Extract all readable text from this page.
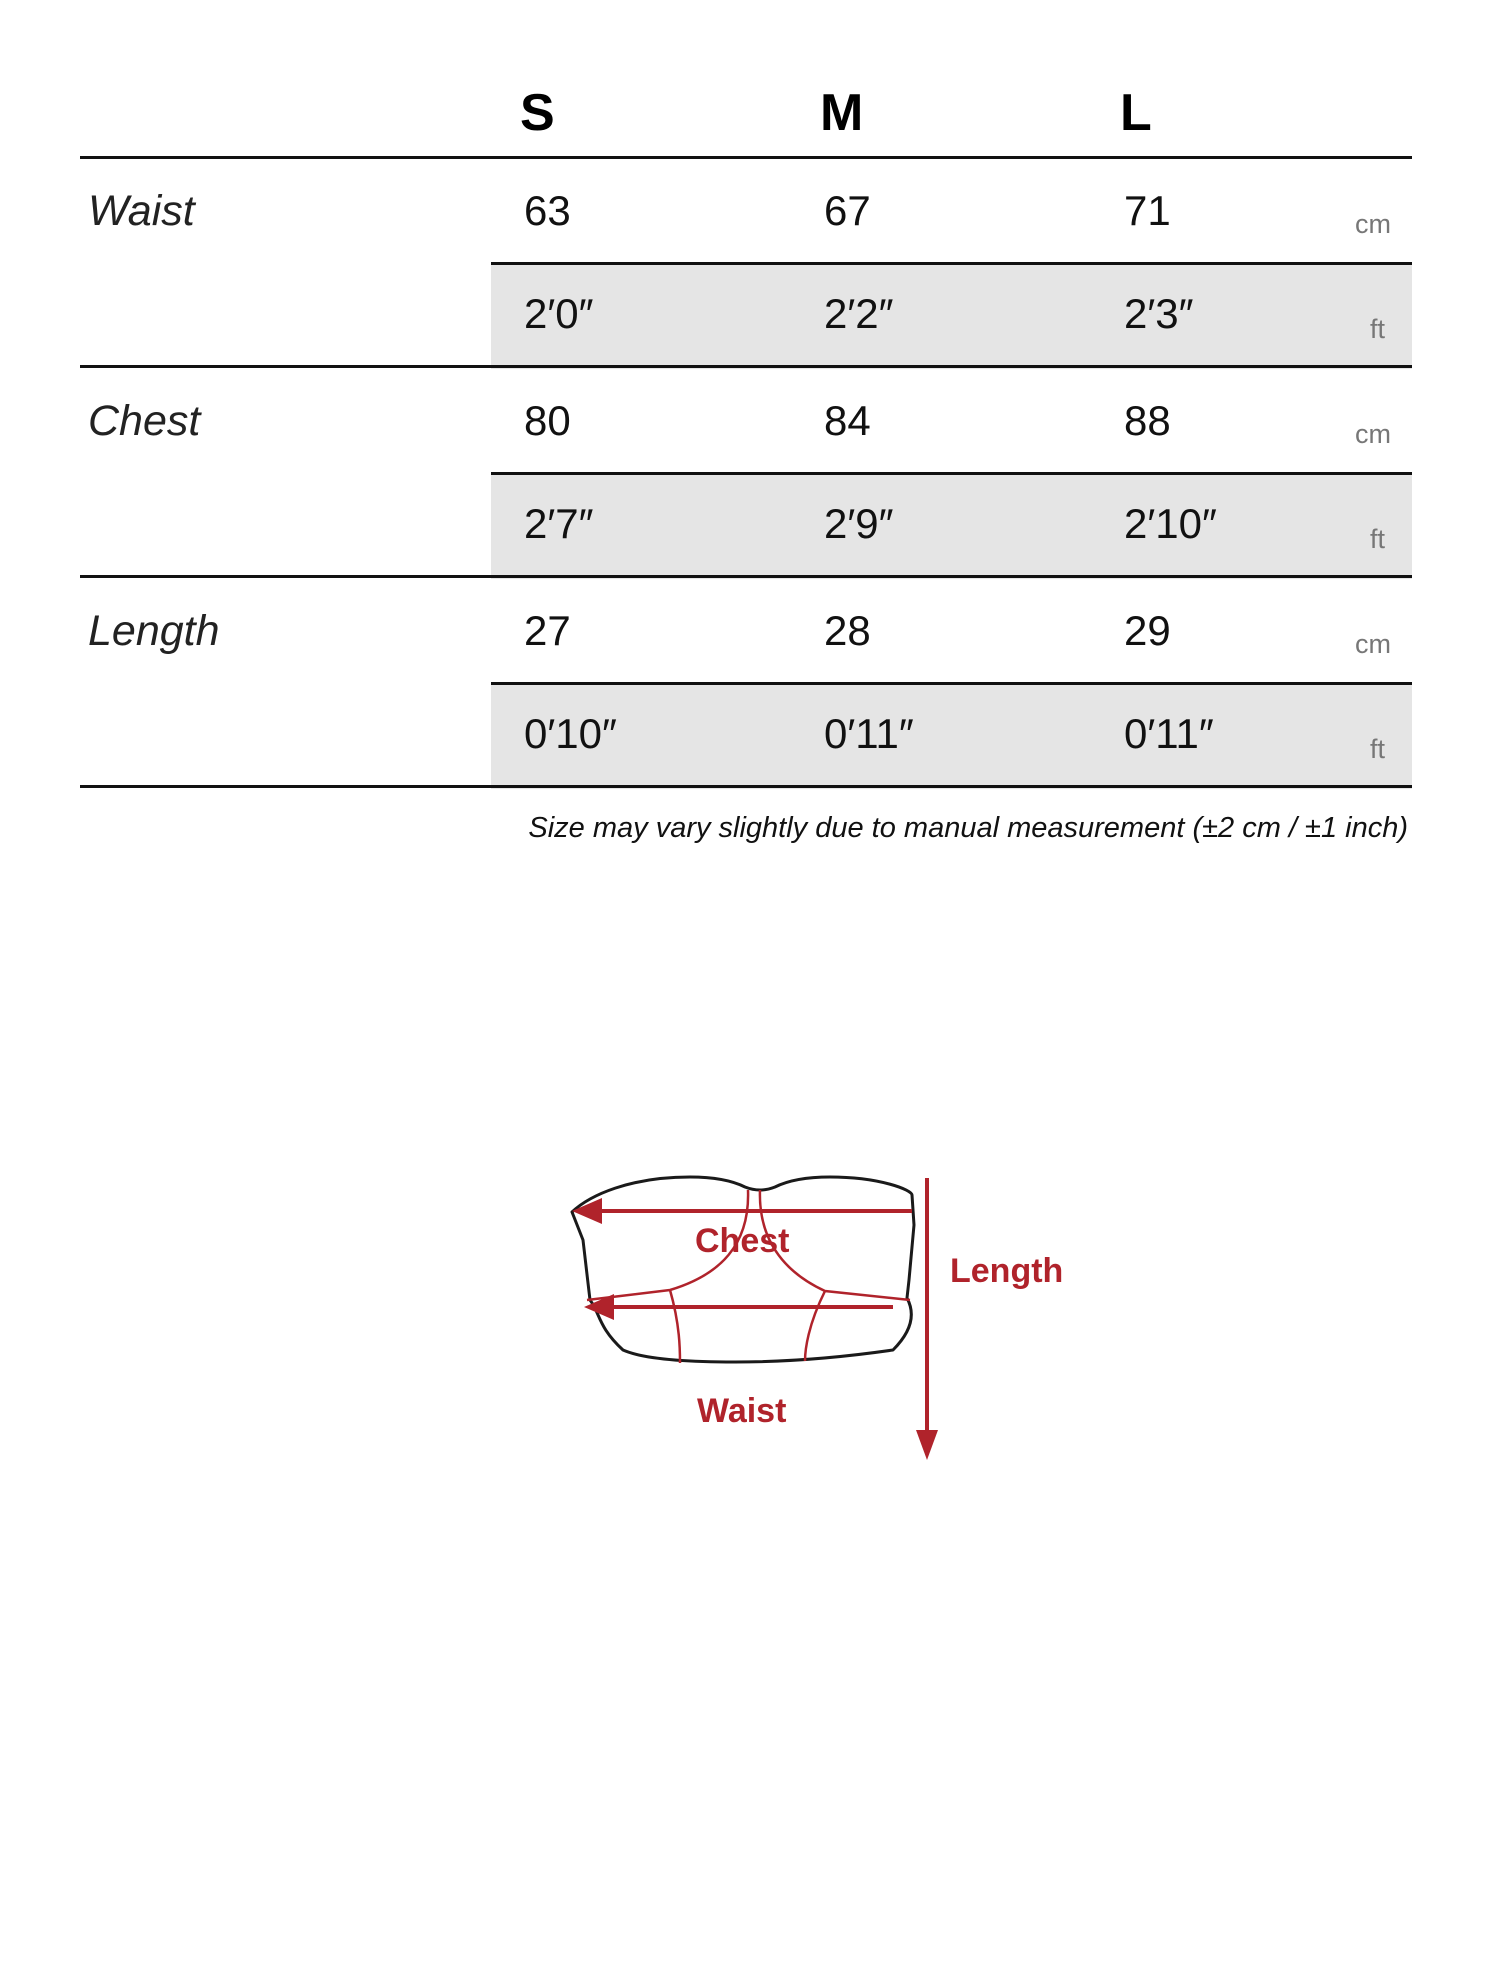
S	M	L
Waist	63	67	71	cm
2′0″	2′2″	2′3″	ft
Chest	80	84	88	cm
2′7″	2′9″	2′10″	ft
Length	27	28	29	cm
0′10″	0′11″	0′11″	ft
Size may vary slightly due to manual measurement (±2 cm / ±1 inch)
Chest
Waist
Length
